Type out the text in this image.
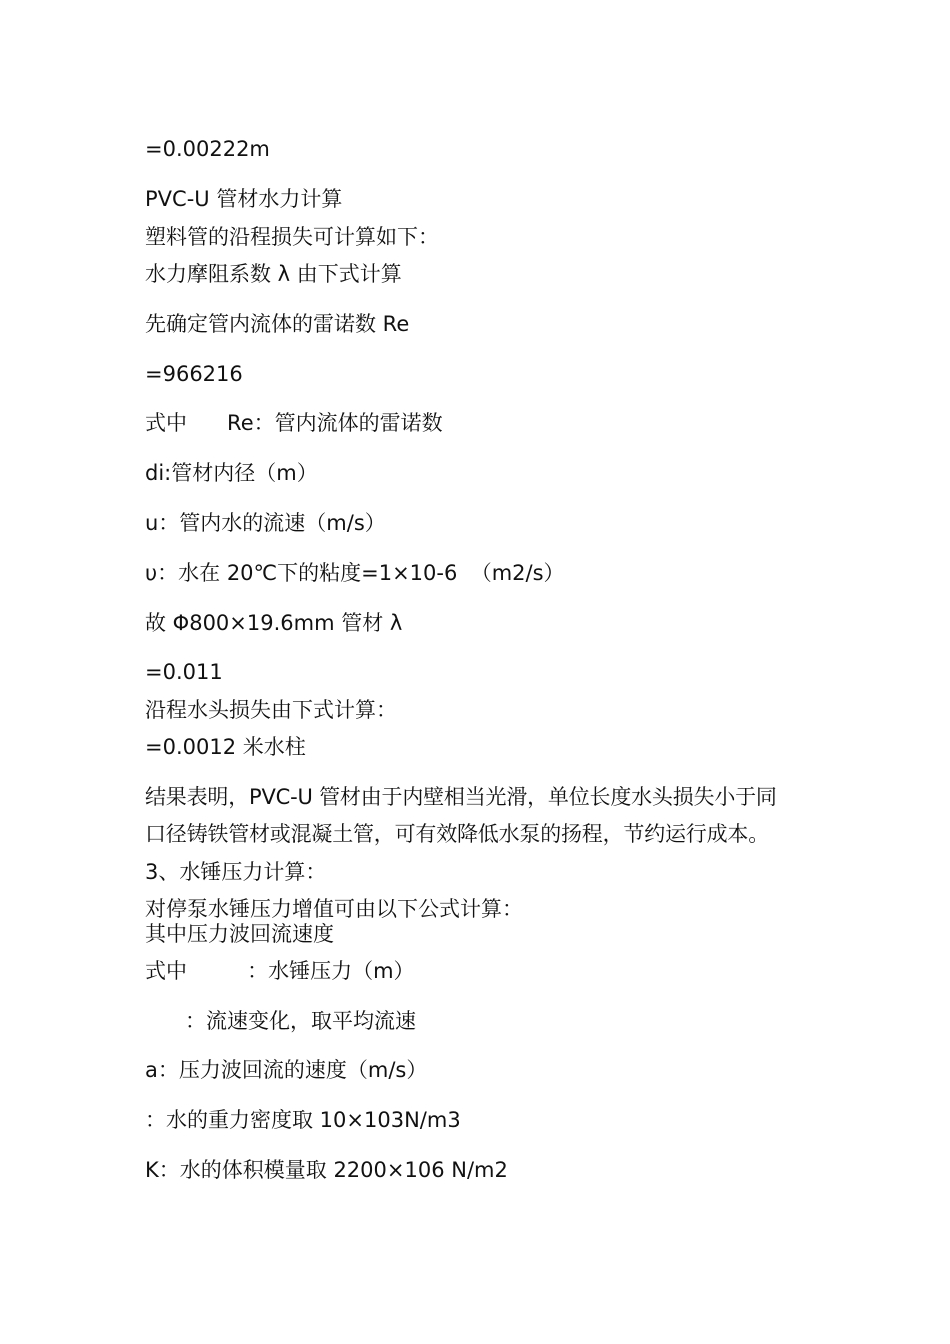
=0.00222m

PVC-U 管材水力计算

塑料管的沿程损失可计算如下：

水力摩阻系数 λ 由下式计算

先确定管内流体的雷诺数 Re

=966216

式中      Re：管内流体的雷诺数

di:管材内径（m）

u：管内水的流速（m/s）

υ：水在 20℃下的粘度=1×10-6  （m2/s）

故 Φ800×19.6mm 管材 λ

=0.011

沿程水头损失由下式计算：

=0.0012 米水柱

结果表明，PVC-U 管材由于内壁相当光滑，单位长度水头损失小于同

口径铸铁管材或混凝土管，可有效降低水泵的扬程，节约运行成本。

3、水锤压力计算：

对停泵水锤压力增值可由以下公式计算：

其中压力波回流速度

式中         ：水锤压力（m）

：流速变化，取平均流速

a：压力波回流的速度（m/s）

：水的重力密度取 10×103N/m3

K：水的体积模量取 2200×106 N/m2
